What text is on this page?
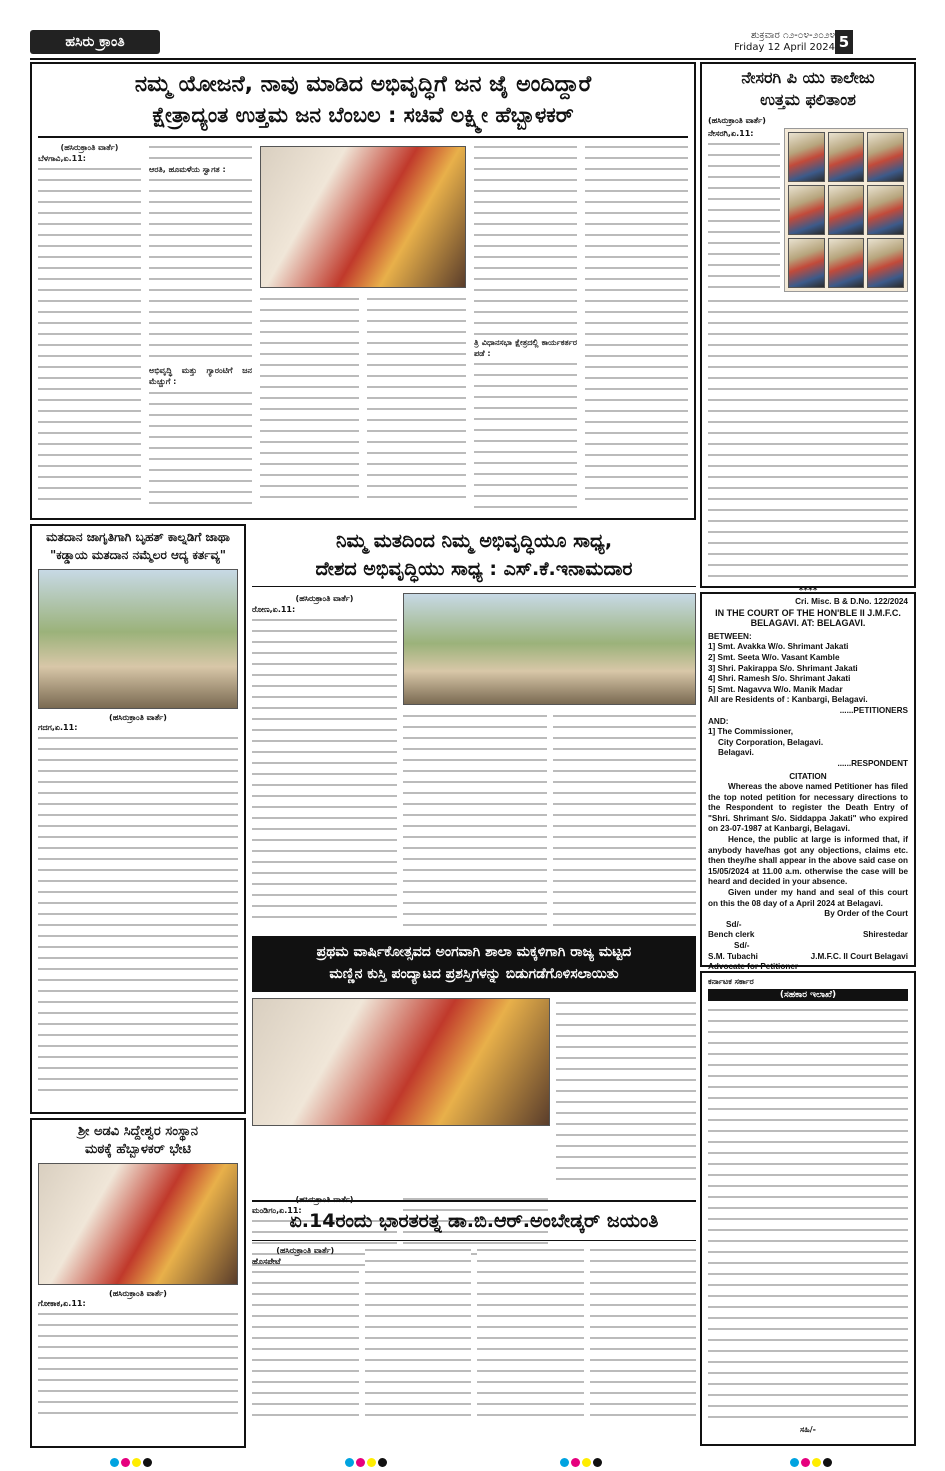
ಹಸಿರು ಕ್ರಾಂತಿ	ಶುಕ್ರವಾರ ೧೨-೦೪-೨೦೨೪
Friday 12 April 2024 5
ನಮ್ಮ ಯೋಜನೆ, ನಾವು ಮಾಡಿದ ಅಭಿವೃದ್ಧಿಗೆ ಜನ ಜೈ ಅಂದಿದ್ದಾರೆ
ಕ್ಷೇತ್ರಾದ್ಯಂತ ಉತ್ತಮ ಜನ ಬೆಂಬಲ : ಸಚಿವೆ ಲಕ್ಷ್ಮೀ ಹೆಬ್ಬಾಳಕರ್
(ಹಸಿರುಕ್ರಾಂತಿ ವಾರ್ತೆ)
ಬೆಳಗಾವಿ,ಏ.11:
ಆರತಿ, ಹೂಮಳೆಯ ಸ್ವಾಗತ :
ಅಭಿವೃದ್ಧಿ ಮತ್ತು ಗ್ಯಾರಂಟಿಗೆ ಜನ ಮೆಚ್ಚುಗೆ :
ತ್ರಿ ವಿಧಾನಸಭಾ ಕ್ಷೇತ್ರದಲ್ಲಿ ಕಾರ್ಯಕರ್ತರ ಪಡೆ :
ನೇಸರಗಿ ಪಿ ಯು ಕಾಲೇಜು
ಉತ್ತಮ ಫಲಿತಾಂಶ
(ಹಸಿರುಕ್ರಾಂತಿ ವಾರ್ತೆ)
ನೇಸರಗಿ,ಏ.11:
****
ಮತದಾನ ಜಾಗೃತಿಗಾಗಿ ಬೃಹತ್ ಕಾಲ್ನಡಿಗೆ ಜಾಥಾ
"ಕಡ್ಡಾಯ ಮತದಾನ ನಮ್ಮೆಲರ ಆದ್ಯ ಕರ್ತವ್ಯ"
(ಹಸಿರುಕ್ರಾಂತಿ ವಾರ್ತೆ)
ಗದಗ,ಏ.11:
ನಿಮ್ಮ ಮತದಿಂದ ನಿಮ್ಮ ಅಭಿವೃದ್ಧಿಯೂ ಸಾಧ್ಯ,
ದೇಶದ ಅಭಿವೃದ್ಧಿಯು ಸಾಧ್ಯ : ಎಸ್.ಕೆ.ಇನಾಮದಾರ
(ಹಸಿರುಕ್ರಾಂತಿ ವಾರ್ತೆ)
ರೋಣ,ಏ.11:
Cri. Misc. B & D.No. 122/2024
IN THE COURT OF THE HON'BLE II J.M.F.C.
BELAGAVI. AT: BELAGAVI.
BETWEEN:
1] Smt. Avakka W/o. Shrimant Jakati
2] Smt. Seeta W/o. Vasant Kamble
3] Shri. Pakirappa S/o. Shrimant Jakati
4] Shri. Ramesh S/o. Shrimant Jakati
5] Smt. Nagavva W/o. Manik Madar
All are Residents of : Kanbargi, Belagavi.
......PETITIONERS
AND:
1] The Commissioner,
City Corporation, Belagavi.
Belagavi.
......RESPONDENT
CITATION
Whereas the above named Petitioner has filed the top noted petition for necessary directions to the Respondent to register the Death Entry of "Shri. Shrimant S/o. Siddappa Jakati" who expired on 23-07-1987 at Kanbargi, Belagavi.
Hence, the public at large is informed that, if anybody have/has got any objections, claims etc. then they/he shall appear in the above said case on 15/05/2024 at 11.00 a.m. otherwise the case will be heard and decided in your absence.
Given under my hand and seal of this court on this the 08 day of a April 2024 at Belagavi.
By Order of the Court
Sd/-
Bench clerk	Shirestedar
Sd/-
S.M. Tubachi	J.M.F.C. II Court Belagavi
Advocate for Petitioner
ಕರ್ನಾಟಕ ಸರ್ಕಾರ
(ಸಹಕಾರ ಇಲಾಖೆ)
ಸಹಿ/-
ಪ್ರಥಮ ವಾರ್ಷಿಕೋತ್ಸವದ ಅಂಗವಾಗಿ ಶಾಲಾ ಮಕ್ಕಳಿಗಾಗಿ ರಾಜ್ಯ ಮಟ್ಟದ
ಮಣ್ಣಿನ ಕುಸ್ತಿ ಪಂದ್ಯಾಟದ ಪ್ರಶಸ್ತಿಗಳನ್ನು ಬಿಡುಗಡೆಗೊಳಿಸಲಾಯಿತು
ಮಂಡಿಗಂ,ಏ.11:
ಶ್ರೀ ಅಡವಿ ಸಿದ್ದೇಶ್ವರ ಸಂಸ್ಥಾನ
ಮಠಕ್ಕೆ ಹೆಬ್ಬಾಳಕರ್ ಭೇಟಿ
(ಹಸಿರುಕ್ರಾಂತಿ ವಾರ್ತೆ)
ಗೋಕಾಕ,ಏ.11:
ಏ.14ರಂದು ಭಾರತರತ್ನ ಡಾ.ಬಿ.ಆರ್.ಅಂಬೇಡ್ಕರ್ ಜಯಂತಿ
(ಹಸಿರುಕ್ರಾಂತಿ ವಾರ್ತೆ)
ಹೊಸಪೇಟೆ
